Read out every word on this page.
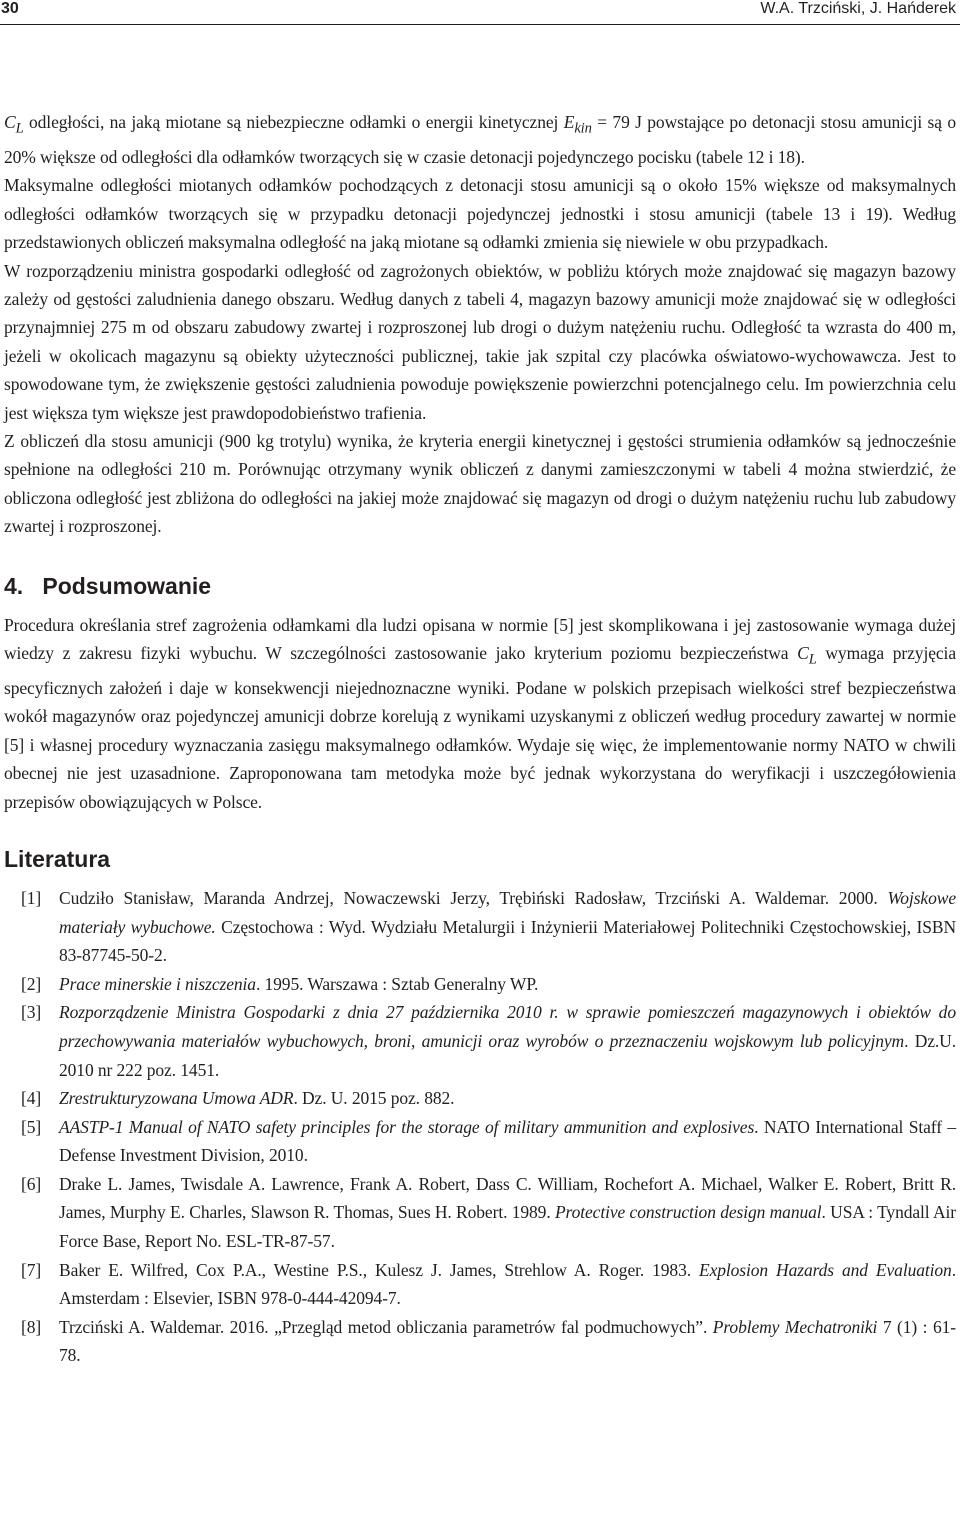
30	W.A. Trzciński, J. Hańderek

$C_L$ odległości, na jaką miotane są niebezpieczne odłamki o energii kinetycznej $E_{kin} = 79$ J powstające po detonacji stosu amunicji są o 20% większe od odległości dla odłamków tworzących się w czasie detonacji pojedynczego pocisku (tabele 12 i 18).

Maksymalne odległości miotanych odłamków pochodzących z detonacji stosu amunicji są o około 15% większe od maksymalnych odległości odłamków tworzących się w przypadku detonacji pojedynczej jednostki i stosu amunicji (tabele 13 i 19). Według przedstawionych obliczeń maksymalna odległość na jaką miotane są odłamki zmienia się niewiele w obu przypadkach.

W rozporządzeniu ministra gospodarki odległość od zagrożonych obiektów, w pobliżu których może znajdować się magazyn bazowy zależy od gęstości zaludnienia danego obszaru. Według danych z tabeli 4, magazyn bazowy amunicji może znajdować się w odległości przynajmniej 275 m od obszaru zabudowy zwartej i rozproszonej lub drogi o dużym natężeniu ruchu. Odległość ta wzrasta do 400 m, jeżeli w okolicach magazynu są obiekty użyteczności publicznej, takie jak szpital czy placówka oświatowo-wychowawcza. Jest to spowodowane tym, że zwiększenie gęstości zaludnienia powoduje powiększenie powierzchni potencjalnego celu. Im powierzchnia celu jest większa tym większe jest prawdopodobieństwo trafienia.

Z obliczeń dla stosu amunicji (900 kg trotylu) wynika, że kryteria energii kinetycznej i gęstości strumienia odłamków są jednocześnie spełnione na odległości 210 m. Porównując otrzymany wynik obliczeń z danymi zamieszczonymi w tabeli 4 można stwierdzić, że obliczona odległość jest zbliżona do odległości na jakiej może znajdować się magazyn od drogi o dużym natężeniu ruchu lub zabudowy zwartej i rozproszonej.

4.   Podsumowanie

Procedura określania stref zagrożenia odłamkami dla ludzi opisana w normie [5] jest skomplikowana i jej zastosowanie wymaga dużej wiedzy z zakresu fizyki wybuchu. W szczególności zastosowanie jako kryterium poziomu bezpieczeństwa $C_L$ wymaga przyjęcia specyficznych założeń i daje w konsekwencji niejednoznaczne wyniki. Podane w polskich przepisach wielkości stref bezpieczeństwa wokół magazynów oraz pojedynczej amunicji dobrze korelują z wynikami uzyskanymi z obliczeń według procedury zawartej w normie [5] i własnej procedury wyznaczania zasięgu maksymalnego odłamków. Wydaje się więc, że implementowanie normy NATO w chwili obecnej nie jest uzasadnione. Zaproponowana tam metodyka może być jednak wykorzystana do weryfikacji i uszczegółowienia przepisów obowiązujących w Polsce.

Literatura
[1] Cudziło Stanisław, Maranda Andrzej, Nowaczewski Jerzy, Trębiński Radosław, Trzciński A. Waldemar. 2000. Wojskowe materiały wybuchowe. Częstochowa : Wyd. Wydziału Metalurgii i Inżynierii Materiałowej Politechniki Częstochowskiej, ISBN 83-87745-50-2.
[2] Prace minerskie i niszczenia. 1995. Warszawa : Sztab Generalny WP.
[3] Rozporządzenie Ministra Gospodarki z dnia 27 października 2010 r. w sprawie pomieszczeń magazynowych i obiektów do przechowywania materiałów wybuchowych, broni, amunicji oraz wyrobów o przeznaczeniu wojskowym lub policyjnym. Dz.U. 2010 nr 222 poz. 1451.
[4] Zrestrukturyzowana Umowa ADR. Dz. U. 2015 poz. 882.
[5] AASTP-1 Manual of NATO safety principles for the storage of military ammunition and explosives. NATO International Staff – Defense Investment Division, 2010.
[6] Drake L. James, Twisdale A. Lawrence, Frank A. Robert, Dass C. William, Rochefort A. Michael, Walker E. Robert, Britt R. James, Murphy E. Charles, Slawson R. Thomas, Sues H. Robert. 1989. Protective construction design manual. USA : Tyndall Air Force Base, Report No. ESL-TR-87-57.
[7] Baker E. Wilfred, Cox P.A., Westine P.S., Kulesz J. James, Strehlow A. Roger. 1983. Explosion Hazards and Evaluation. Amsterdam : Elsevier, ISBN 978-0-444-42094-7.
[8] Trzciński A. Waldemar. 2016. „Przegląd metod obliczania parametrów fal podmuchowych”. Problemy Mechatroniki 7 (1) : 61-78.
